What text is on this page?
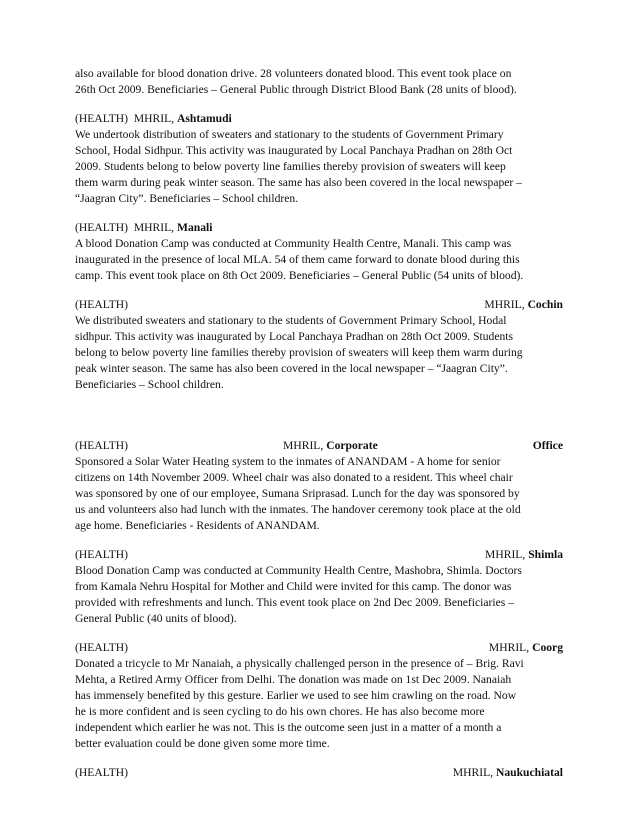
also available for blood donation drive. 28 volunteers donated blood. This event took place on

26th Oct 2009. Beneficiaries – General Public through District Blood Bank (28 units of blood).

(HEALTH) MHRIL, Ashtamudi

We undertook distribution of sweaters and stationary to the students of Government Primary

School, Hodal Sidhpur. This activity was inaugurated by Local Panchaya Pradhan on 28th Oct

2009. Students belong to below poverty line families thereby provision of sweaters will keep

them warm during peak winter season. The same has also been covered in the local newspaper –

“Jaagran City”. Beneficiaries – School children.

(HEALTH) MHRIL, Manali

A blood Donation Camp was conducted at Community Health Centre, Manali. This camp was

inaugurated in the presence of local MLA. 54 of them came forward to donate blood during this

camp. This event took place on 8th Oct 2009. Beneficiaries – General Public (54 units of blood).

(HEALTH)	MHRIL, Cochin

We distributed sweaters and stationary to the students of Government Primary School, Hodal

sidhpur. This activity was inaugurated by Local Panchaya Pradhan on 28th Oct 2009. Students

belong to below poverty line families thereby provision of sweaters will keep them warm during

peak winter season. The same has also been covered in the local newspaper – “Jaagran City”.

Beneficiaries – School children.

(HEALTH)	MHRIL, Corporate	Office

Sponsored a Solar Water Heating system to the inmates of ANANDAM - A home for senior

citizens on 14th November 2009. Wheel chair was also donated to a resident. This wheel chair

was sponsored by one of our employee, Sumana Sriprasad. Lunch for the day was sponsored by

us and volunteers also had lunch with the inmates. The handover ceremony took place at the old

age home. Beneficiaries - Residents of ANANDAM.

(HEALTH)	MHRIL, Shimla

Blood Donation Camp was conducted at Community Health Centre, Mashobra, Shimla. Doctors

from Kamala Nehru Hospital for Mother and Child were invited for this camp. The donor was

provided with refreshments and lunch. This event took place on 2nd Dec 2009. Beneficiaries –

General Public (40 units of blood).

(HEALTH)	MHRIL, Coorg

Donated a tricycle to Mr Nanaiah, a physically challenged person in the presence of – Brig. Ravi

Mehta, a Retired Army Officer from Delhi. The donation was made on 1st Dec 2009. Nanaiah

has immensely benefited by this gesture. Earlier we used to see him crawling on the road. Now

he is more confident and is seen cycling to do his own chores. He has also become more

independent which earlier he was not. This is the outcome seen just in a matter of a month a

better evaluation could be done given some more time.

(HEALTH)	MHRIL, Naukuchiatal
